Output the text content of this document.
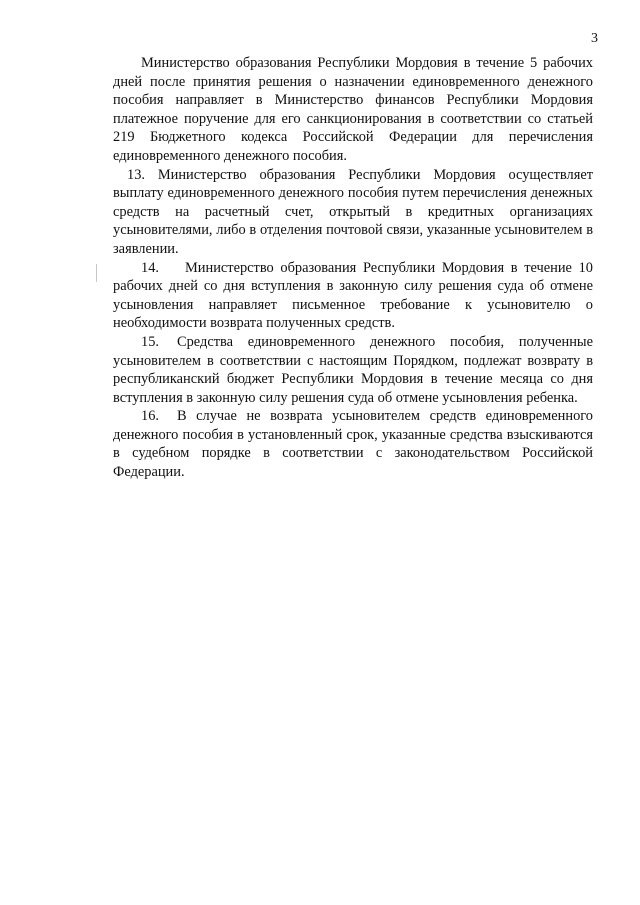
3

Министерство образования Республики Мордовия в течение 5 рабочих дней после принятия решения о назначении единовременного денежного пособия направляет в Министерство финансов Республики Мордовия платежное поручение для его санкционирования в соответствии со статьей 219 Бюджетного кодекса Российской Федерации для перечисления единовременного денежного пособия.

13. Министерство образования Республики Мордовия осуществляет выплату единовременного денежного пособия путем перечисления денежных средств на расчетный счет, открытый в кредитных организациях усыновителями, либо в отделения почтовой связи, указанные усыновителем в заявлении.

14. Министерство образования Республики Мордовия в течение 10 рабочих дней со дня вступления в законную силу решения суда об отмене усыновления направляет письменное требование к усыновителю о необходимости возврата полученных средств.

15. Средства единовременного денежного пособия, полученные усыновителем в соответствии с настоящим Порядком, подлежат возврату в республиканский бюджет Республики Мордовия в течение месяца со дня вступления в законную силу решения суда об отмене усыновления ребенка.

16. В случае не возврата усыновителем средств единовременного денежного пособия в установленный срок, указанные средства взыскиваются в судебном порядке в соответствии с законодательством Российской Федерации.
